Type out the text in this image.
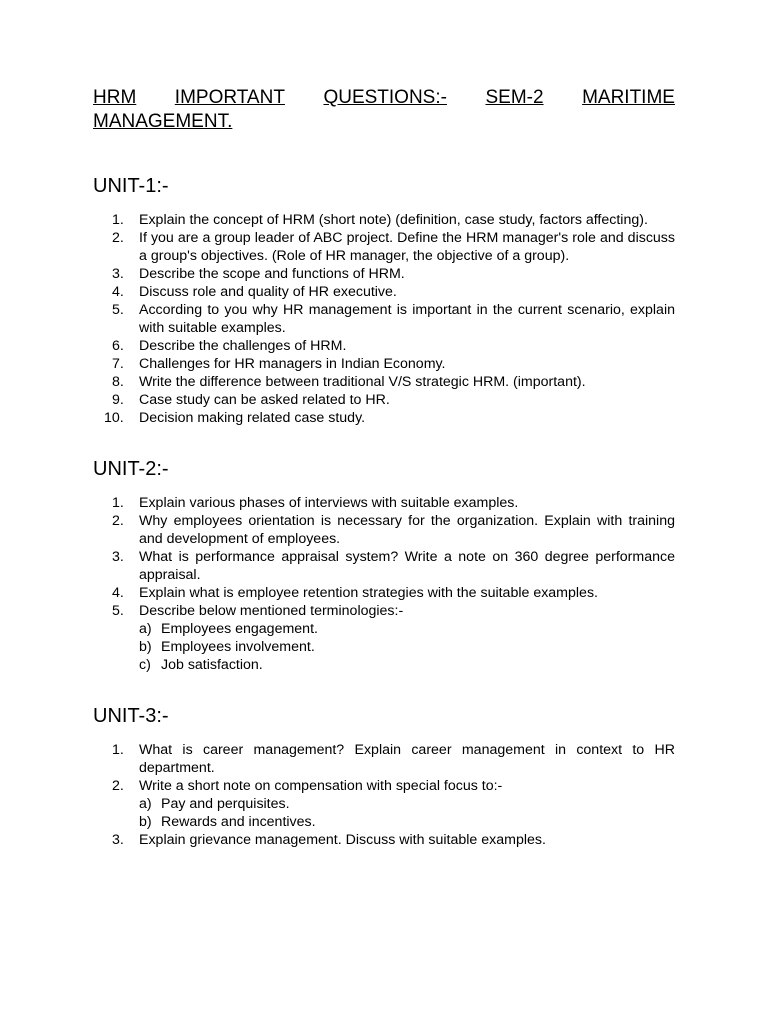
HRM IMPORTANT QUESTIONS:- SEM-2 MARITIME
MANAGEMENT.
UNIT-1:-
1. Explain the concept of HRM (short note) (definition, case study, factors affecting).
2. If you are a group leader of ABC project. Define the HRM manager's role and discuss a group's objectives. (Role of HR manager, the objective of a group).
3. Describe the scope and functions of HRM.
4. Discuss role and quality of HR executive.
5. According to you why HR management is important in the current scenario, explain with suitable examples.
6. Describe the challenges of HRM.
7. Challenges for HR managers in Indian Economy.
8. Write the difference between traditional V/S strategic HRM. (important).
9. Case study can be asked related to HR.
10. Decision making related case study.
UNIT-2:-
1. Explain various phases of interviews with suitable examples.
2. Why employees orientation is necessary for the organization. Explain with training and development of employees.
3. What is performance appraisal system? Write a note on 360 degree performance appraisal.
4. Explain what is employee retention strategies with the suitable examples.
5. Describe below mentioned terminologies:-
a) Employees engagement.
b) Employees involvement.
c) Job satisfaction.
UNIT-3:-
1. What is career management? Explain career management in context to HR department.
2. Write a short note on compensation with special focus to:-
a) Pay and perquisites.
b) Rewards and incentives.
3. Explain grievance management. Discuss with suitable examples.
